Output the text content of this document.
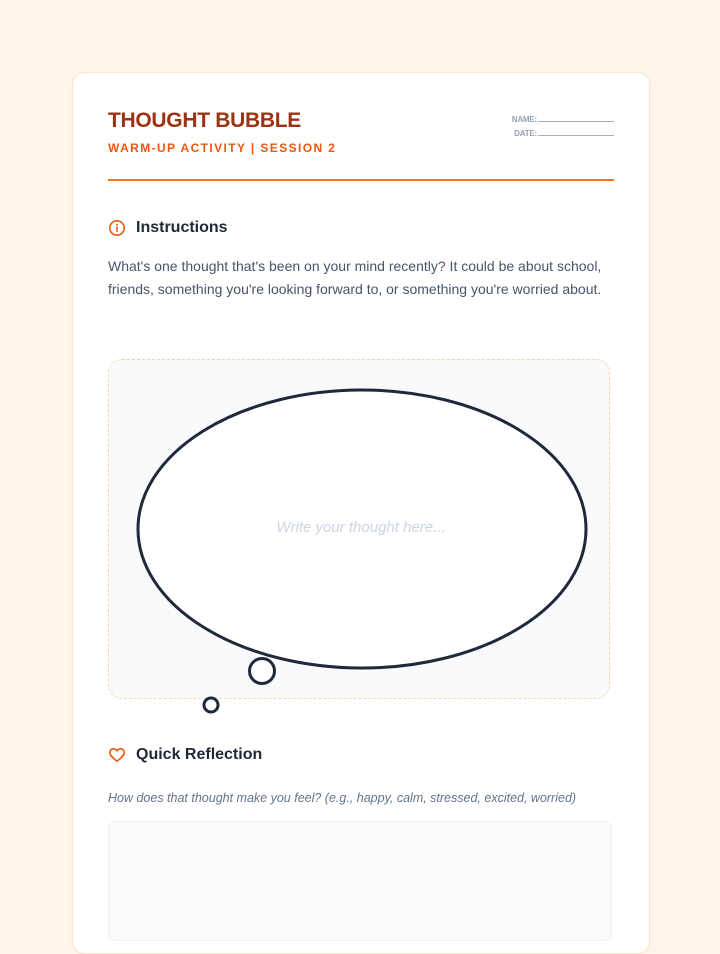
THOUGHT BUBBLE
WARM-UP ACTIVITY | SESSION 2
NAME:
DATE:
Instructions

What's one thought that's been on your mind recently? It could be about school, friends, something you're looking forward to, or something you're worried about.

Write your thought here...
Quick Reflection

How does that thought make you feel? (e.g., happy, calm, stressed, excited, worried)
